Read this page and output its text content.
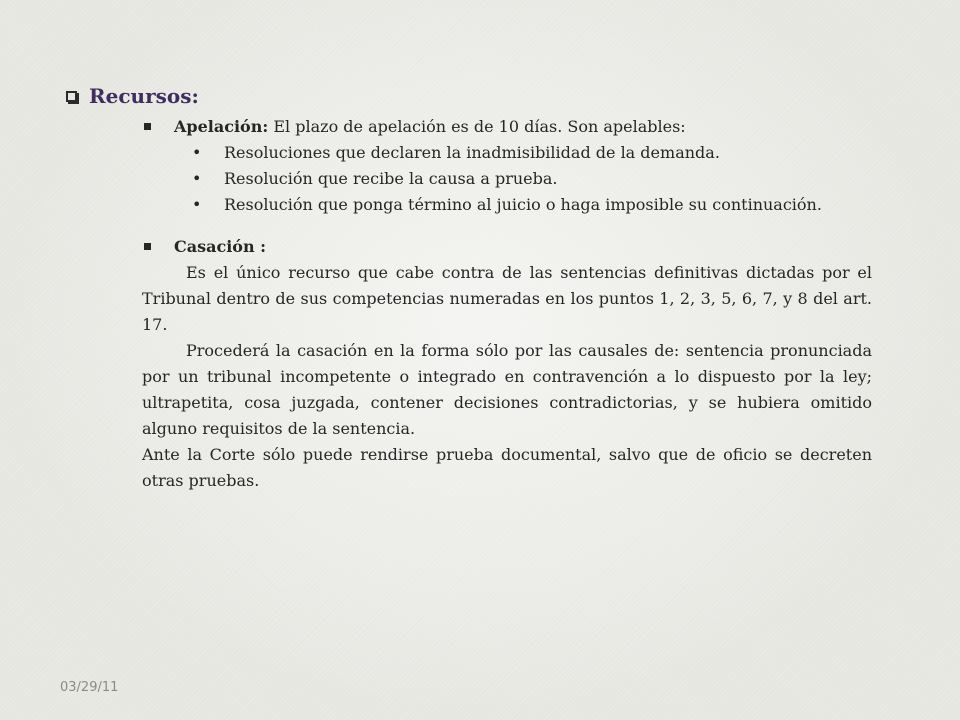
Recursos:

Apelación: El plazo de apelación es de 10 días. Son apelables:

• Resoluciones que declaren la inadmisibilidad de la demanda.

• Resolución que recibe la causa a prueba.

• Resolución que ponga término al juicio o haga imposible su continuación.

Casación :

Es el único recurso que cabe contra de las sentencias definitivas dictadas por el Tribunal dentro de sus competencias numeradas en los puntos 1, 2, 3, 5, 6, 7, y 8 del art. 17.

Procederá la casación en la forma sólo por las causales de: sentencia pronunciada por un tribunal incompetente o integrado en contravención a lo dispuesto por la ley; ultrapetita, cosa juzgada, contener decisiones contradictorias, y se hubiera omitido alguno requisitos de la sentencia.

Ante la Corte sólo puede rendirse prueba documental, salvo que de oficio se decreten otras pruebas.

03/29/11
